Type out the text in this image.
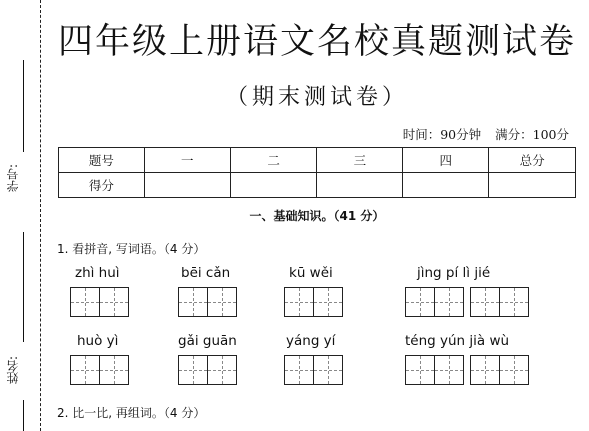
学号:
姓名:
四年级上册语文名校真题测试卷
（期末测试卷）
时间：90分钟 满分：100分
题号	一	二	三	四	总分
得分					
一、基础知识。（41 分）
1. 看拼音, 写词语。（4 分）
zhì huì	bēi cǎn	kū wěi	jìng pí lì jié
huò yì	gǎi guān	yáng yí	téng yún jià wù
2. 比一比, 再组词。（4 分）
